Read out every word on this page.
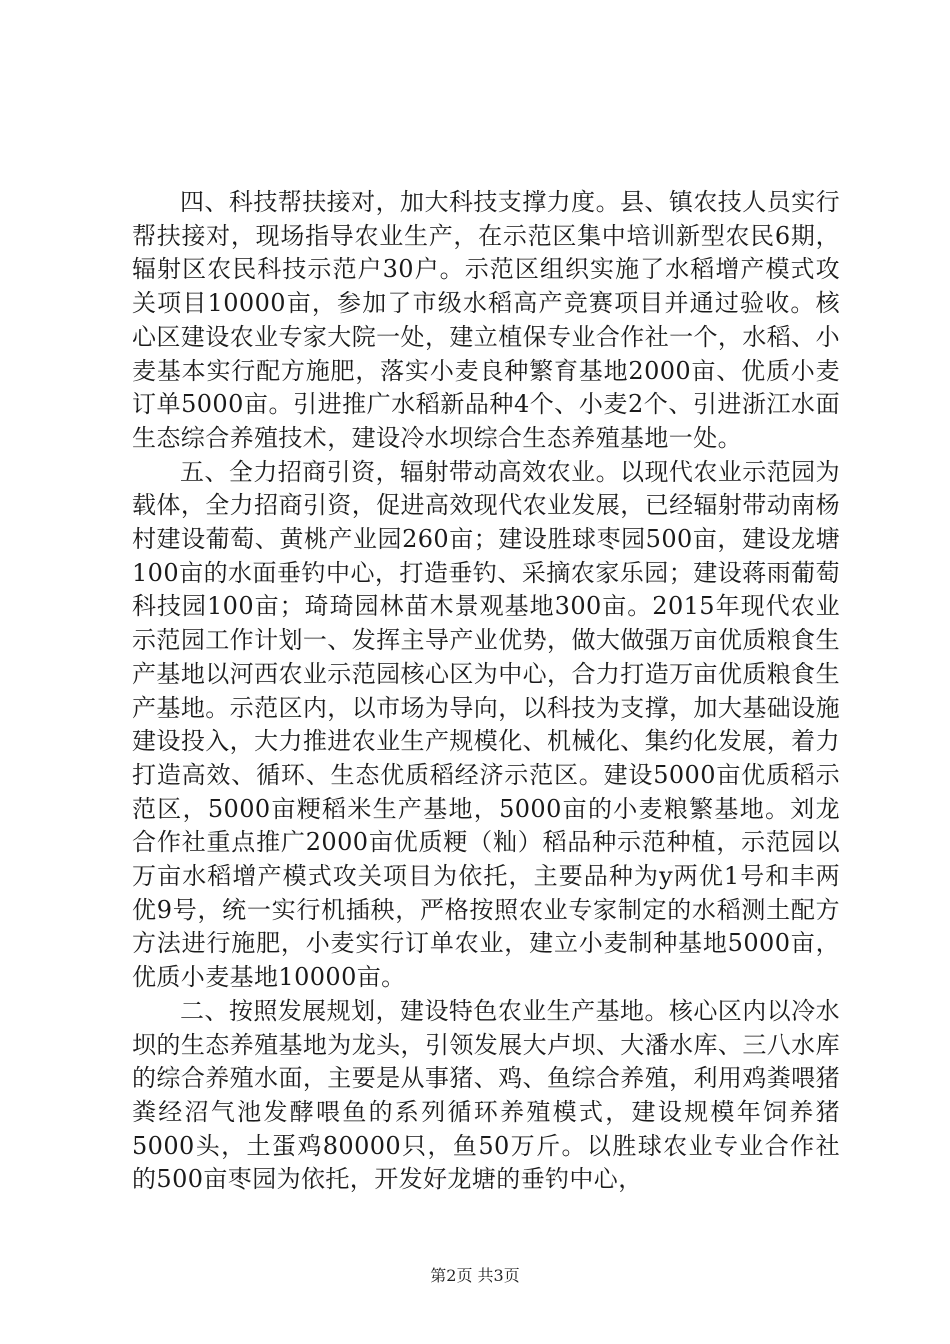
四、科技帮扶接对，加大科技支撑力度。县、镇农技人员实行帮扶接对，现场指导农业生产，在示范区集中培训新型农民6期，辐射区农民科技示范户30户。示范区组织实施了水稻增产模式攻关项目10000亩，参加了市级水稻高产竞赛项目并通过验收。核心区建设农业专家大院一处，建立植保专业合作社一个，水稻、小麦基本实行配方施肥，落实小麦良种繁育基地2000亩、优质小麦订单5000亩。引进推广水稻新品种4个、小麦2个、引进浙江水面生态综合养殖技术，建设冷水坝综合生态养殖基地一处。

五、全力招商引资，辐射带动高效农业。以现代农业示范园为载体，全力招商引资，促进高效现代农业发展，已经辐射带动南杨村建设葡萄、黄桃产业园260亩；建设胜球枣园500亩，建设龙塘100亩的水面垂钓中心，打造垂钓、采摘农家乐园；建设蒋雨葡萄科技园100亩；琦琦园林苗木景观基地300亩。2015年现代农业示范园工作计划一、发挥主导产业优势，做大做强万亩优质粮食生产基地以河西农业示范园核心区为中心，合力打造万亩优质粮食生产基地。示范区内，以市场为导向，以科技为支撑，加大基础设施建设投入，大力推进农业生产规模化、机械化、集约化发展，着力打造高效、循环、生态优质稻经济示范区。建设5000亩优质稻示范区，5000亩粳稻米生产基地，5000亩的小麦粮繁基地。刘龙合作社重点推广2000亩优质粳（籼）稻品种示范种植，示范园以万亩水稻增产模式攻关项目为依托，主要品种为y两优1号和丰两优9号，统一实行机插秧，严格按照农业专家制定的水稻测土配方方法进行施肥，小麦实行订单农业，建立小麦制种基地5000亩，优质小麦基地10000亩。

二、按照发展规划，建设特色农业生产基地。核心区内以冷水坝的生态养殖基地为龙头，引领发展大卢坝、大潘水库、三八水库的综合养殖水面，主要是从事猪、鸡、鱼综合养殖，利用鸡粪喂猪粪经沼气池发酵喂鱼的系列循环养殖模式，建设规模年饲养猪5000头，土蛋鸡80000只，鱼50万斤。以胜球农业专业合作社的500亩枣园为依托，开发好龙塘的垂钓中心，

第2页 共3页
